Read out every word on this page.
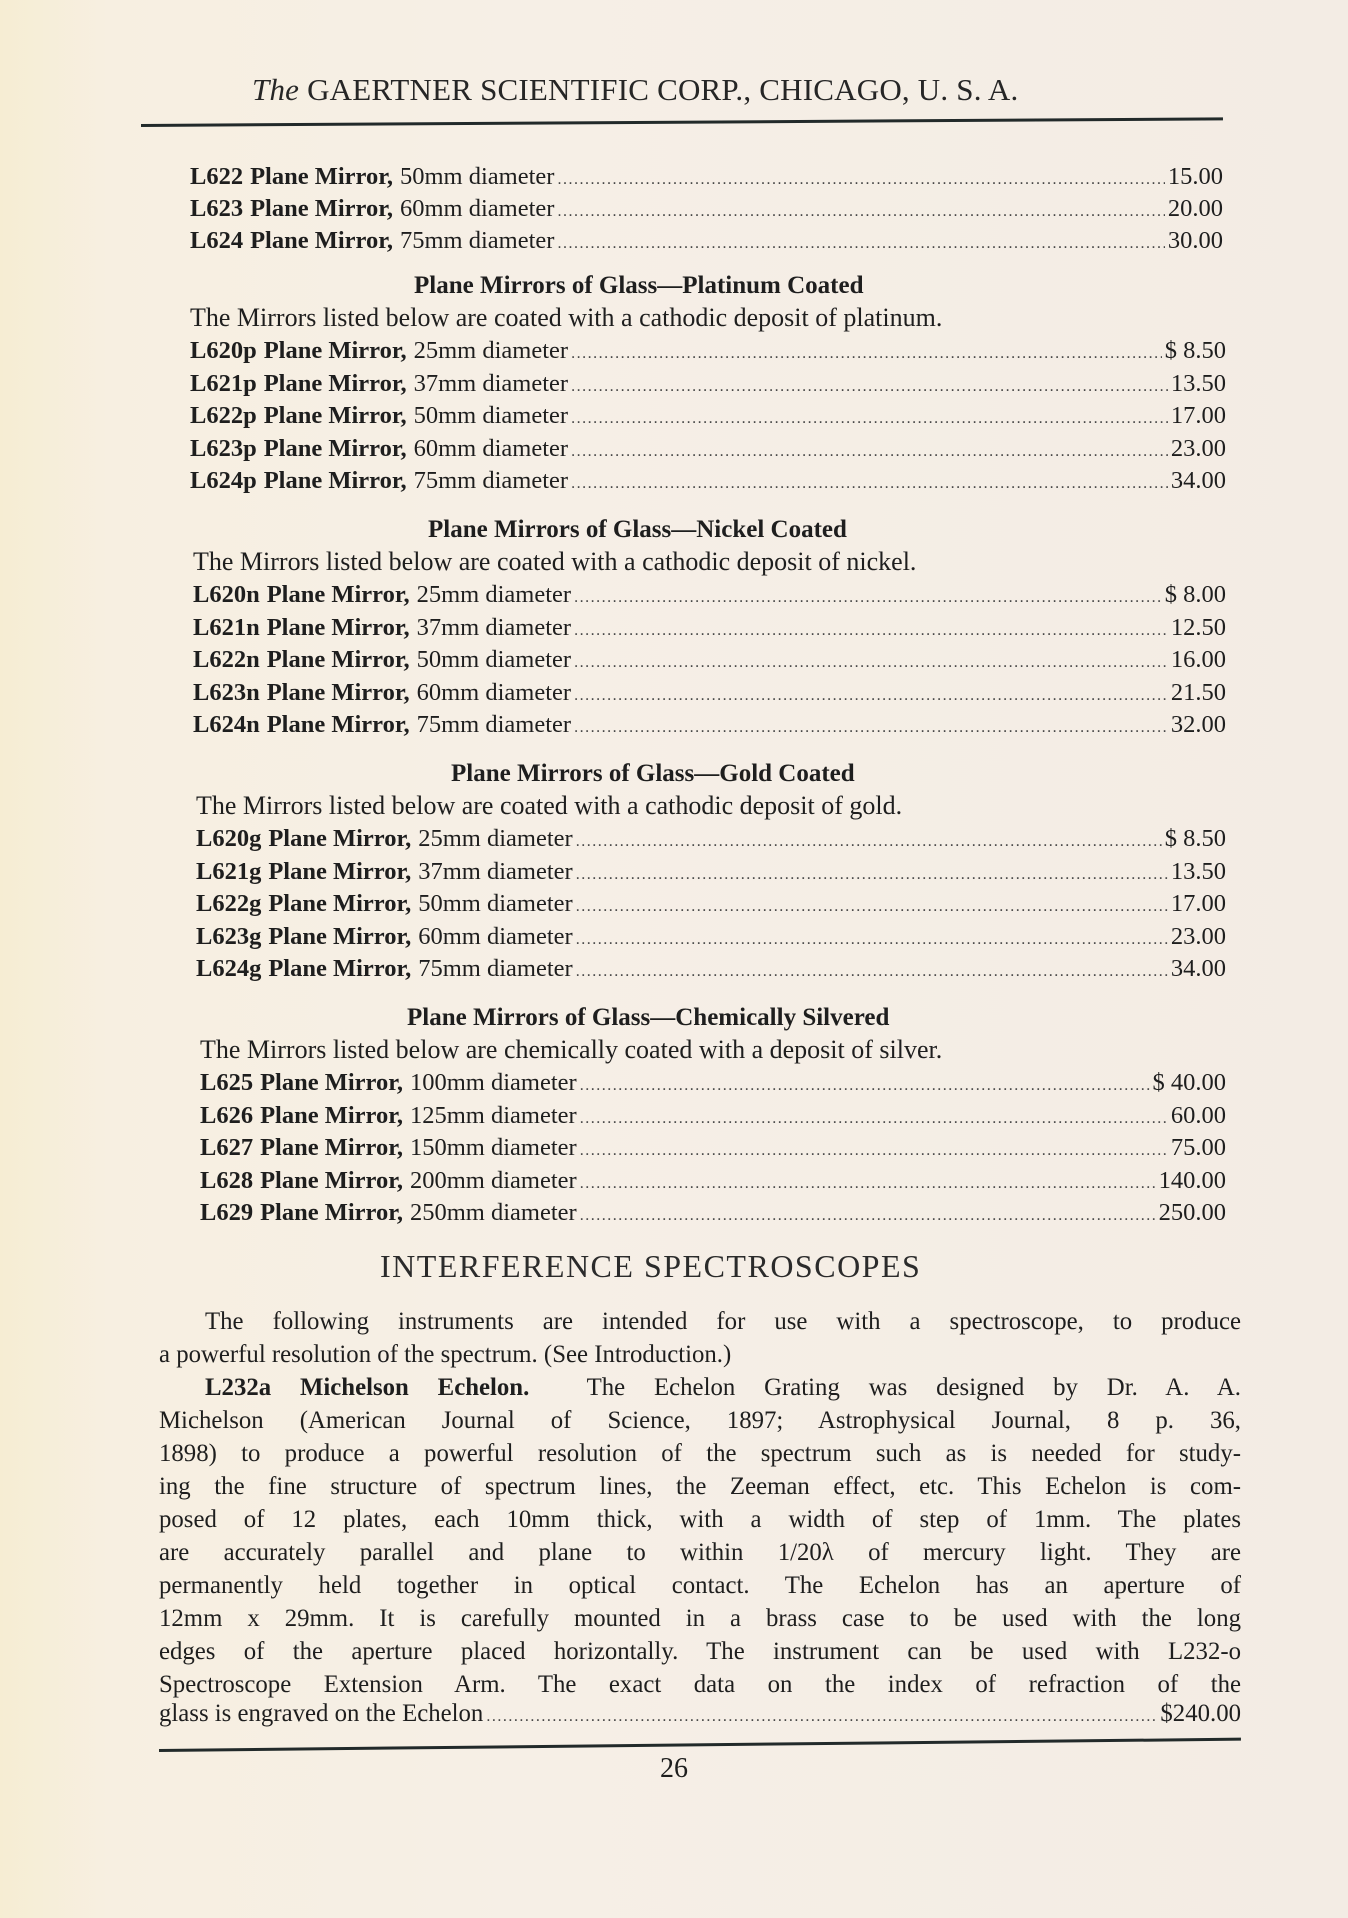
The GAERTNER SCIENTIFIC CORP., CHICAGO, U. S. A.
L622 Plane Mirror, 50mm diameter .....	15.00
L623 Plane Mirror, 60mm diameter .....	20.00
L624 Plane Mirror, 75mm diameter .....	30.00
Plane Mirrors of Glass—Platinum Coated
The Mirrors listed below are coated with a cathodic deposit of platinum.
L620p Plane Mirror, 25mm diameter .....	$ 8.50
L621p Plane Mirror, 37mm diameter .....	13.50
L622p Plane Mirror, 50mm diameter .....	17.00
L623p Plane Mirror, 60mm diameter .....	23.00
L624p Plane Mirror, 75mm diameter .....	34.00
Plane Mirrors of Glass—Nickel Coated
The Mirrors listed below are coated with a cathodic deposit of nickel.
L620n Plane Mirror, 25mm diameter .....	$ 8.00
L621n Plane Mirror, 37mm diameter .....	12.50
L622n Plane Mirror, 50mm diameter .....	16.00
L623n Plane Mirror, 60mm diameter .....	21.50
L624n Plane Mirror, 75mm diameter .....	32.00
Plane Mirrors of Glass—Gold Coated
The Mirrors listed below are coated with a cathodic deposit of gold.
L620g Plane Mirror, 25mm diameter .....	$ 8.50
L621g Plane Mirror, 37mm diameter .....	13.50
L622g Plane Mirror, 50mm diameter .....	17.00
L623g Plane Mirror, 60mm diameter .....	23.00
L624g Plane Mirror, 75mm diameter .....	34.00
Plane Mirrors of Glass—Chemically Silvered
The Mirrors listed below are chemically coated with a deposit of silver.
L625 Plane Mirror, 100mm diameter .....	$ 40.00
L626 Plane Mirror, 125mm diameter .....	60.00
L627 Plane Mirror, 150mm diameter .....	75.00
L628 Plane Mirror, 200mm diameter .....	140.00
L629 Plane Mirror, 250mm diameter .....	250.00
INTERFERENCE SPECTROSCOPES
The following instruments are intended for use with a spectroscope, to produce
a powerful resolution of the spectrum. (See Introduction.)
L232a Michelson Echelon. The Echelon Grating was designed by Dr. A. A.
Michelson (American Journal of Science, 1897; Astrophysical Journal, 8 p. 36,
1898) to produce a powerful resolution of the spectrum such as is needed for study-
ing the fine structure of spectrum lines, the Zeeman effect, etc. This Echelon is com-
posed of 12 plates, each 10mm thick, with a width of step of 1mm. The plates
are accurately parallel and plane to within 1/20λ of mercury light. They are
permanently held together in optical contact. The Echelon has an aperture of
12mm x 29mm. It is carefully mounted in a brass case to be used with the long
edges of the aperture placed horizontally. The instrument can be used with L232-o
Spectroscope Extension Arm. The exact data on the index of refraction of the
glass is engraved on the Echelon .....	$240.00
26
